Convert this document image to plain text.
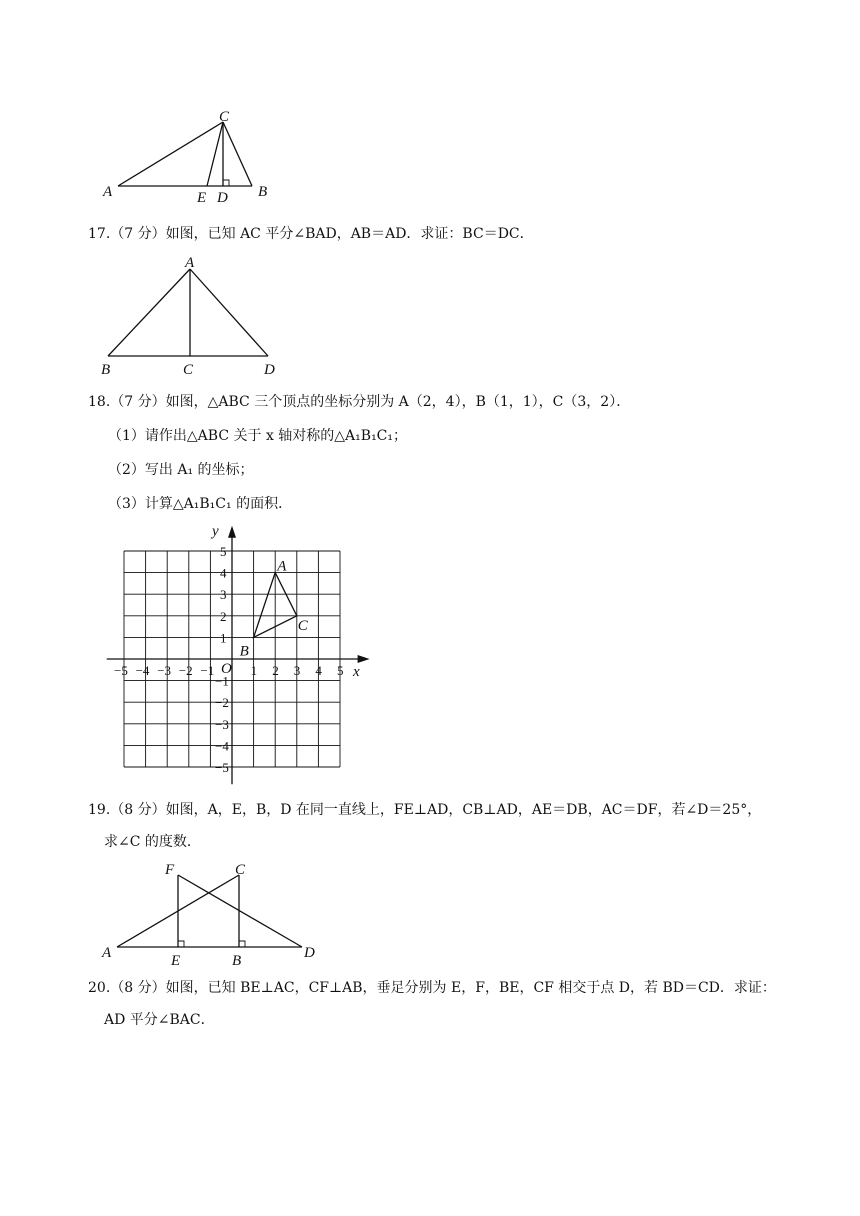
C
A	E D B
17.（7 分）如图，已知 AC 平分∠BAD，AB＝AD．求证：BC＝DC．
A
B	C	D
18.（7 分）如图，△ABC 三个顶点的坐标分别为 A（2，4），B（1，1），C（3，2）．
（1）请作出△ABC 关于 x 轴对称的△A₁B₁C₁；
（2）写出 A₁ 的坐标；
（3）计算△A₁B₁C₁ 的面积．
−5 −4 −3 −2 −1	1 2 3 4 5
5
4
3
2
1
−1
−2
−3
−4
−5
O	x
y
A
B
C
19.（8 分）如图，A，E，B，D 在同一直线上，FE⊥AD，CB⊥AD，AE＝DB，AC＝DF，若∠D＝25°，
求∠C 的度数．
F	C
A	E	B	D
20.（8 分）如图，已知 BE⊥AC，CF⊥AB，垂足分别为 E，F，BE，CF 相交于点 D，若 BD＝CD．求证：
AD 平分∠BAC．
